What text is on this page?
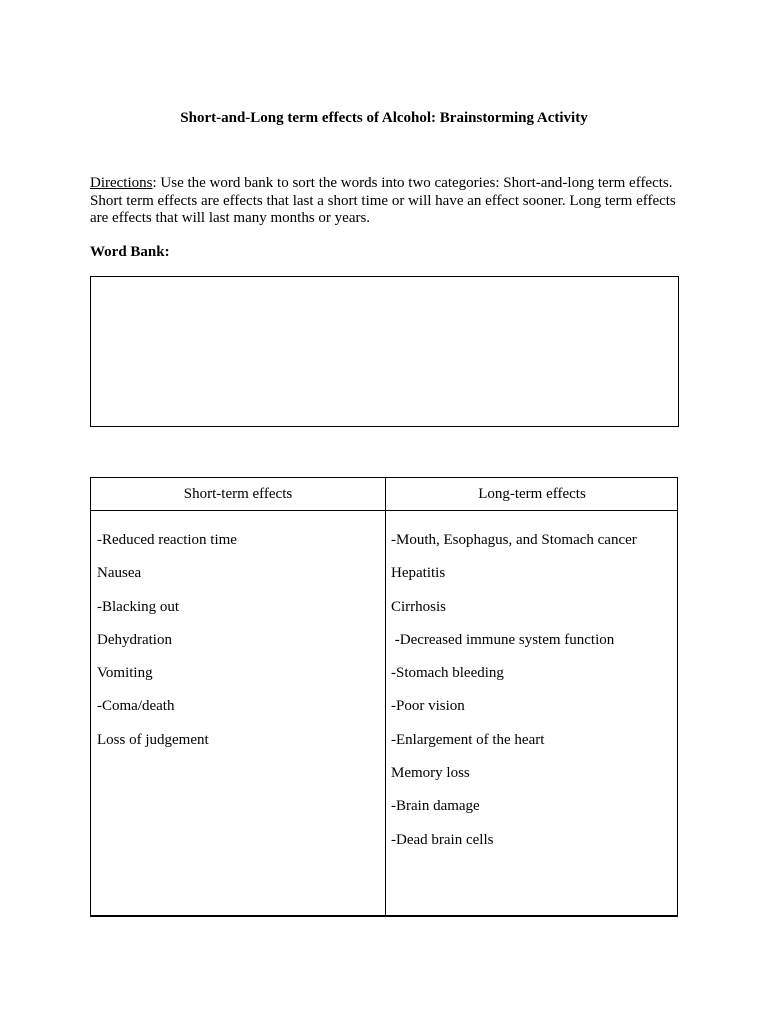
Short-and-Long term effects of Alcohol: Brainstorming Activity
Directions: Use the word bank to sort the words into two categories: Short-and-long term effects. Short term effects are effects that last a short time or will have an effect sooner. Long term effects are effects that will last many months or years.
Word Bank:
Short-term effects	Long-term effects
-Reduced reaction time
Nausea
-Blacking out
Dehydration
Vomiting
-Coma/death
Loss of judgement
-Mouth, Esophagus, and Stomach cancer
Hepatitis
Cirrhosis
-Decreased immune system function
-Stomach bleeding
-Poor vision
-Enlargement of the heart
Memory loss
-Brain damage
-Dead brain cells
